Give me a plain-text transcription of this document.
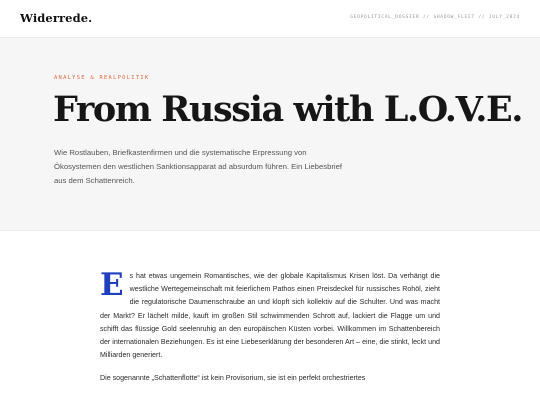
Widerrede.	GEOPOLITICAL_DOSSIER // SHADOW_FLEET // JULY_2024
ANALYSE & REALPOLITIK
From Russia with L.O.V.E.

Wie Rostlauben, Briefkastenfirmen und die systematische Erpressung von Ökosystemen den westlichen Sanktionsapparat ad absurdum führen. Ein Liebesbrief aus dem Schattenreich.

Es hat etwas ungemein Romantisches, wie der globale Kapitalismus Krisen löst. Da verhängt die westliche Wertegemeinschaft mit feierlichem Pathos einen Preisdeckel für russisches Rohöl, zieht die regulatorische Daumenschraube an und klopft sich kollektiv auf die Schulter. Und was macht der Markt? Er lächelt milde, kauft im großen Stil schwimmenden Schrott auf, lackiert die Flagge um und schifft das flüssige Gold seelenruhig an den europäischen Küsten vorbei. Willkommen im Schattenbereich der internationalen Beziehungen. Es ist eine Liebeserklärung der besonderen Art – eine, die stinkt, leckt und Milliarden generiert.

Die sogenannte „Schattenflotte“ ist kein Provisorium, sie ist ein perfekt orchestriertes
